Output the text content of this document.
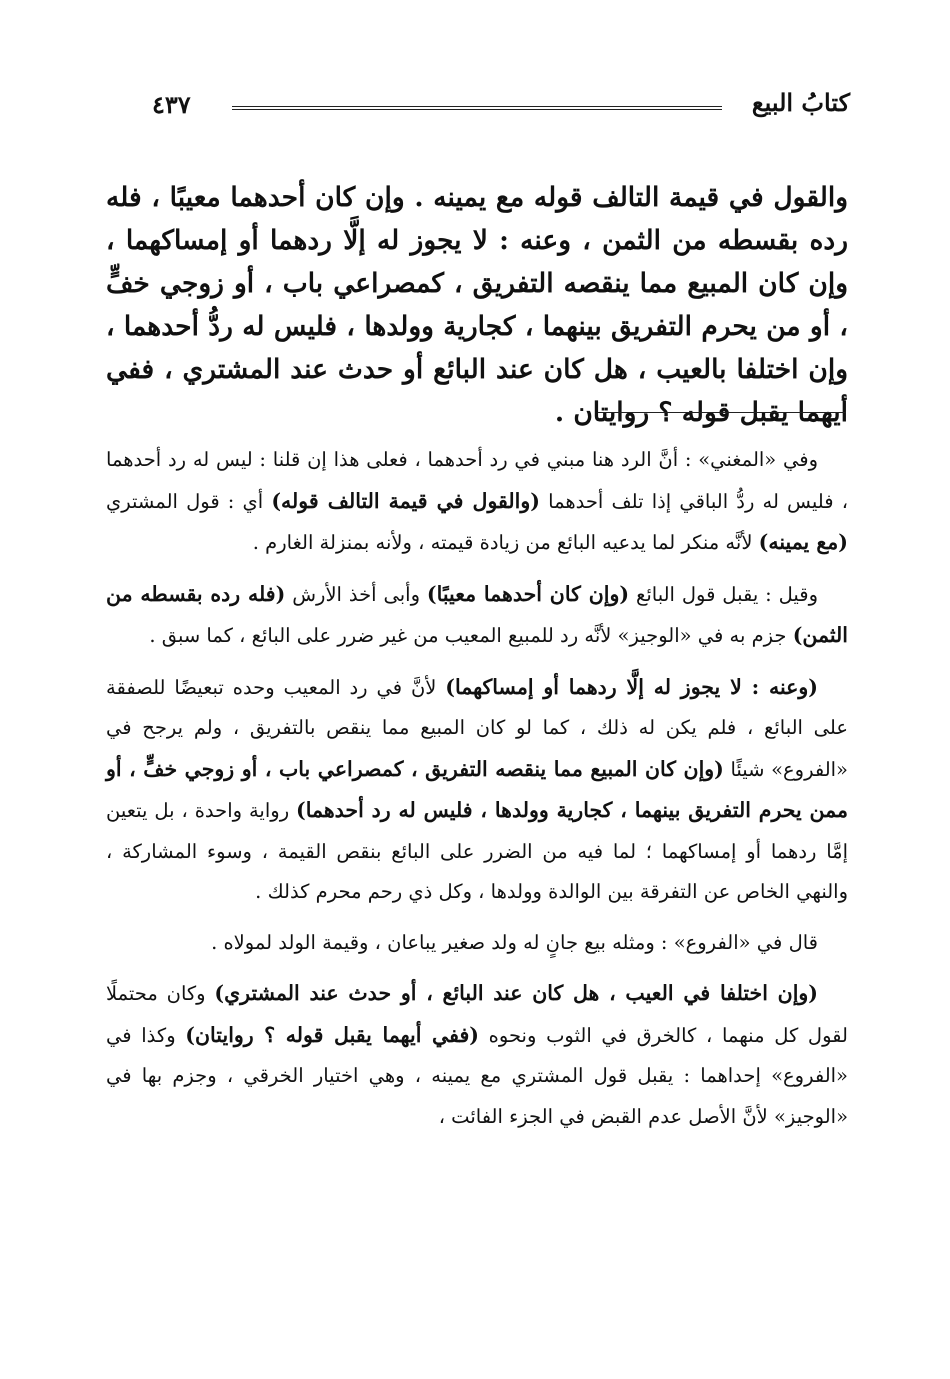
٤٣٧	كتابُ البيع
والقول في قيمة التالف قوله مع يمينه . وإن كان أحدهما معيبًا ، فله رده بقسطه من الثمن ، وعنه : لا يجوز له إلَّا ردهما أو إمساكهما ، وإن كان المبيع مما ينقصه التفريق ، كمصراعي باب ، أو زوجي خفٍّ ، أو من يحرم التفريق بينهما ، كجارية وولدها ، فليس له ردُّ أحدهما ، وإن اختلفا بالعيب ، هل كان عند البائع أو حدث عند المشتري ، ففي أيهما يقبل قوله ؟ روايتان .

وفي «المغني» : أنَّ الرد هنا مبني في رد أحدهما ، فعلى هذا إن قلنا : ليس له رد أحدهما ، فليس له ردُّ الباقي إذا تلف أحدهما (والقول في قيمة التالف قوله) أي : قول المشتري (مع يمينه) لأنَّه منكر لما يدعيه البائع من زيادة قيمته ، ولأنه بمنزلة الغارم .

وقيل : يقبل قول البائع (وإن كان أحدهما معيبًا) وأبى أخذ الأرش (فله رده بقسطه من الثمن) جزم به في «الوجيز» لأنَّه رد للمبيع المعيب من غير ضرر على البائع ، كما سبق .

(وعنه : لا يجوز له إلَّا ردهما أو إمساكهما) لأنَّ في رد المعيب وحده تبعيضًا للصفقة على البائع ، فلم يكن له ذلك ، كما لو كان المبيع مما ينقص بالتفريق ، ولم يرجح في «الفروع» شيئًا (وإن كان المبيع مما ينقصه التفريق ، كمصراعي باب ، أو زوجي خفٍّ ، أو ممن يحرم التفريق بينهما ، كجارية وولدها ، فليس له رد أحدهما) رواية واحدة ، بل يتعين إمَّا ردهما أو إمساكهما ؛ لما فيه من الضرر على البائع بنقص القيمة ، وسوء المشاركة ، والنهي الخاص عن التفرقة بين الوالدة وولدها ، وكل ذي رحم محرم كذلك .

قال في «الفروع» : ومثله بيع جانٍ له ولد صغير يباعان ، وقيمة الولد لمولاه .

(وإن اختلفا في العيب ، هل كان عند البائع ، أو حدث عند المشتري) وكان محتملًا لقول كل منهما ، كالخرق في الثوب ونحوه (ففي أيهما يقبل قوله ؟ روايتان) وكذا في «الفروع» إحداهما : يقبل قول المشتري مع يمينه ، وهي اختيار الخرقي ، وجزم بها في «الوجيز» لأنَّ الأصل عدم القبض في الجزء الفائت ،
